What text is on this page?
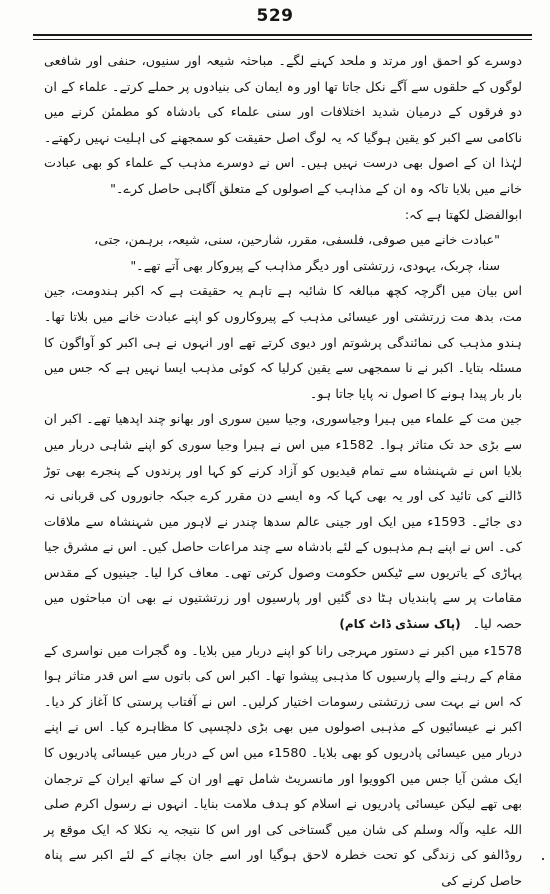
529

دوسرے کو احمق اور مرتد و ملحد کہنے لگے۔ مباحثہ شیعہ اور سنیوں، حنفی اور شافعی لوگوں کے حلقوں سے آگے نکل جاتا تھا اور وہ ایمان کی بنیادوں پر حملے کرتے۔ علماء کے ان دو فرقوں کے درمیان شدید اختلافات اور سنی علماء کی بادشاہ کو مطمئن کرنے میں ناکامی سے اکبر کو یقین ہوگیا کہ یہ لوگ اصل حقیقت کو سمجھنے کی اہلیت نہیں رکھتے۔ لہٰذا ان کے اصول بھی درست نہیں ہیں۔ اس نے دوسرے مذہب کے علماء کو بھی عبادت خانے میں بلایا تاکہ وہ ان کے مذاہب کے اصولوں کے متعلق آگاہی حاصل کرے۔"

ابوالفضل لکھتا ہے کہ:

"عبادت خانے میں صوفی، فلسفی، مقرر، شارحین، سنی، شیعہ، برہمن، جتی، سنا، چربک، یہودی، زرتشتی اور دیگر مذاہب کے پیروکار بھی آتے تھے۔"

اس بیان میں اگرچہ کچھ مبالغہ کا شائبہ ہے تاہم یہ حقیقت ہے کہ اکبر ہندومت، جین مت، بدھ مت زرتشتی اور عیسائی مذہب کے پیروکاروں کو اپنے عبادت خانے میں بلاتا تھا۔ ہندو مذہب کی نمائندگی پرشوتم اور دیوی کرتے تھے اور انہوں نے ہی اکبر کو آواگون کا مسئلہ بتایا۔ اکبر نے نا سمجھی سے یقین کرلیا کہ کوئی مذہب ایسا نہیں ہے کہ جس میں بار بار پیدا ہونے کا اصول نہ پایا جاتا ہو۔

جین مت کے علماء میں ہیرا وجیاسوری، وجیا سین سوری اور بھانو چند اپدھیا تھے۔ اکبر ان سے بڑی حد تک متاثر ہوا۔ 1582ء میں اس نے ہیرا وجیا سوری کو اپنے شاہی دربار میں بلایا اس نے شہنشاہ سے تمام قیدیوں کو آزاد کرنے کو کہا اور پرندوں کے پنجرے بھی توڑ ڈالنے کی تائید کی اور یہ بھی کہا کہ وہ ایسے دن مقرر کرے جبکہ جانوروں کی قربانی نہ دی جائے۔ 1593ء میں ایک اور جینی عالم سدھا چندر نے لاہور میں شہنشاہ سے ملاقات کی۔ اس نے اپنے ہم مذہبوں کے لئے بادشاہ سے چند مراعات حاصل کیں۔ اس نے مشرق جیا پہاڑی کے یاتریوں سے ٹیکس حکومت وصول کرتی تھی۔ معاف کرا لیا۔ جینیوں کے مقدس مقامات پر سے پابندیاں ہٹا دی گئیں اور پارسیوں اور زرتشتیوں نے بھی ان مباحثوں میں حصہ لیا۔ (پاک سنڈی ڈاٹ کام)

1578ء میں اکبر نے دستور مہرجی رانا کو اپنے دربار میں بلایا۔ وہ گجرات میں نواسری کے مقام کے رہنے والے پارسیوں کا مذہبی پیشوا تھا۔ اکبر اس کی باتوں سے اس قدر متاثر ہوا کہ اس نے بہت سی زرتشتی رسومات اختیار کرلیں۔ اس نے آفتاب پرستی کا آغاز کر دیا۔ اکبر نے عیسائیوں کے مذہبی اصولوں میں بھی بڑی دلچسپی کا مظاہرہ کیا۔ اس نے اپنے دربار میں عیسائی پادریوں کو بھی بلایا۔ 1580ء میں اس کے دربار میں عیسائی پادریوں کا ایک مشن آیا جس میں اکوویوا اور مانسریٹ شامل تھے اور ان کے ساتھ ایران کے ترجمان بھی تھے لیکن عیسائی پادریوں نے اسلام کو ہدف ملامت بنایا۔ انہوں نے رسول اکرم صلی اللہ علیہ وآلہ وسلم کی شان میں گستاخی کی اور اس کا نتیجہ یہ نکلا کہ ایک موقع پر روڈالفو کی زندگی کو تحت خطرہ لاحق ہوگیا اور اسے جان بچانے کے لئے اکبر سے پناہ حاصل کرنے کی
